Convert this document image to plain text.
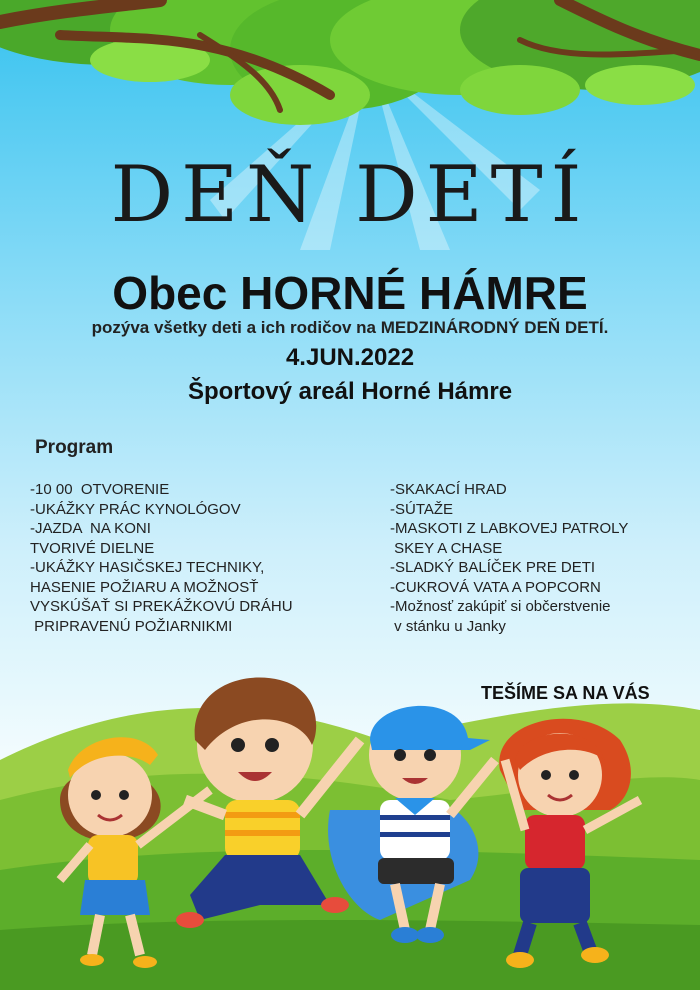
DEŇ DETÍ
Obec HORNÉ HÁMRE
pozýva všetky deti a ich rodičov na MEDZINÁRODNÝ DEŇ DETÍ.
4.JUN.2022
Športový areál Horné Hámre
Program
-10 00  OTVORENIE
-UKÁŽKY PRÁC KYNOLÓGOV
-JAZDA  NA KONI
TVORIVÉ DIELNE
-UKÁŽKY HASIČSKEJ TECHNIKY,
HASENIE POŽIARU A MOŽNOSŤ
VYSKÚŠAŤ SI PREKÁŽKOVÚ DRÁHU
PRIPRAVENÚ POŽIARNIKMI
-SKAKACÍ HRAD
-SÚTAŽE
-MASKOTI Z LABKOVEJ PATROLY
SKEY A CHASE
-SLADKÝ BALÍČEK PRE DETI
-CUKROVÁ VATA A POPCORN
-Možnosť zakúpiť si občerstvenie
v stánku u Janky
TEŠÍME SA NA VÁS
